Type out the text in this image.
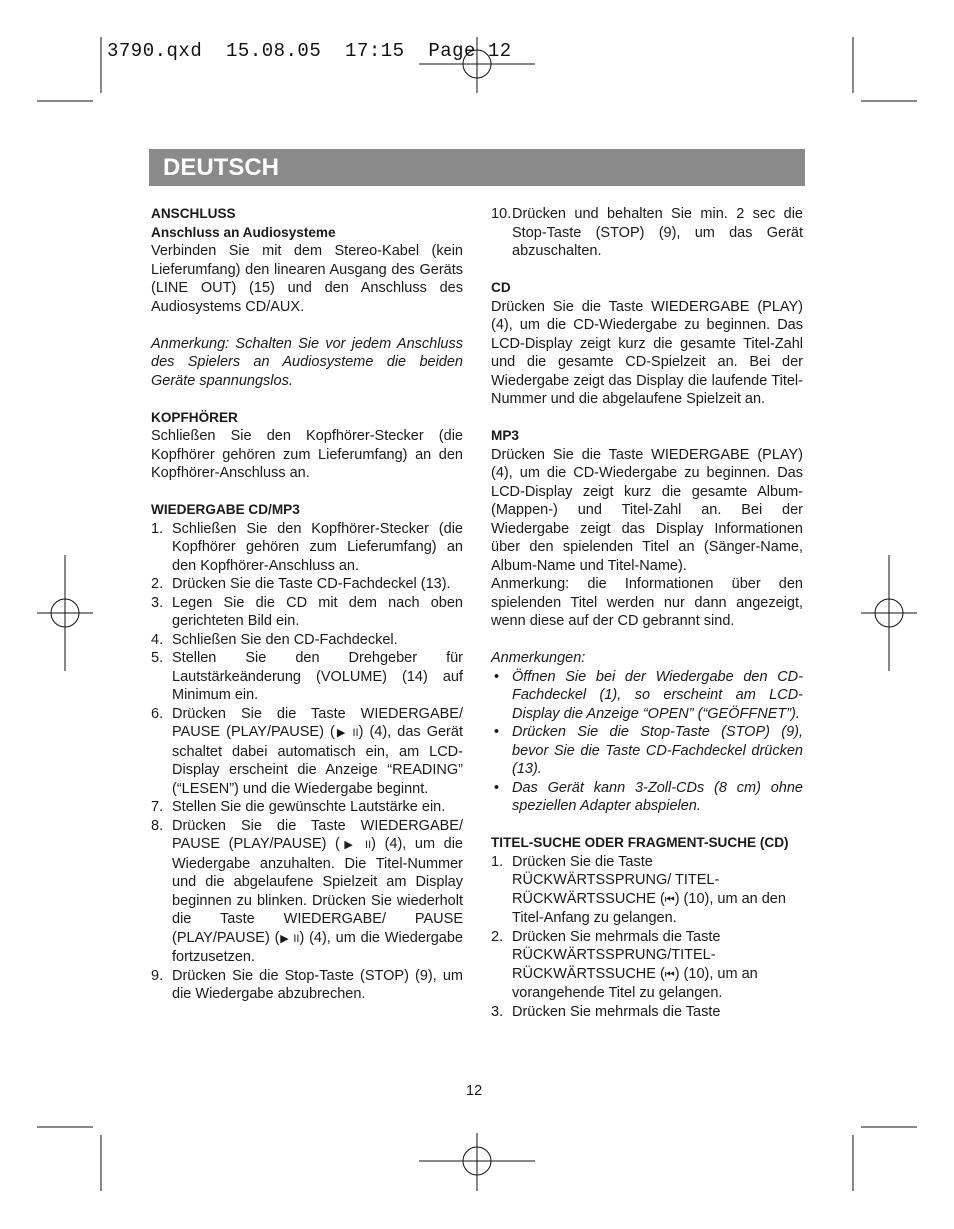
3790.qxd  15.08.05  17:15  Page 12
DEUTSCH
ANSCHLUSS
Anschluss an Audiosysteme
Verbinden Sie mit dem Stereo-Kabel (kein Lieferumfang) den linearen Ausgang des Geräts (LINE OUT) (15) und den Anschluss des Audiosystems CD/AUX.
Anmerkung: Schalten Sie vor jedem Anschluss des Spielers an Audiosysteme die beiden Geräte spannungslos.
KOPFHÖRER
Schließen Sie den Kopfhörer-Stecker (die Kopfhörer gehören zum Lieferumfang) an den Kopfhörer-Anschluss an.
WIEDERGABE CD/MP3
1. Schließen Sie den Kopfhörer-Stecker (die Kopfhörer gehören zum Lieferumfang) an den Kopfhörer-Anschluss an.
2. Drücken Sie die Taste CD-Fachdeckel (13).
3. Legen Sie die CD mit dem nach oben gerichteten Bild ein.
4. Schließen Sie den CD-Fachdeckel.
5. Stellen Sie den Drehgeber für Lautstärkeänderung (VOLUME) (14) auf Minimum ein.
6. Drücken Sie die Taste WIEDERGABE/ PAUSE (PLAY/PAUSE) (▶ II) (4), das Gerät schaltet dabei automatisch ein, am LCD-Display erscheint die Anzeige “READING” (“LESEN”) und die Wiedergabe beginnt.
7. Stellen Sie die gewünschte Lautstärke ein.
8. Drücken Sie die Taste WIEDERGABE/ PAUSE (PLAY/PAUSE) (▶ II) (4), um die Wiedergabe anzuhalten. Die Titel-Nummer und die abgelaufene Spielzeit am Display beginnen zu blinken. Drücken Sie wiederholt die Taste WIEDERGABE/ PAUSE (PLAY/PAUSE) (▶ II) (4), um die Wiedergabe fortzusetzen.
9. Drücken Sie die Stop-Taste (STOP) (9), um die Wiedergabe abzubrechen.
10. Drücken und behalten Sie min. 2 sec die Stop-Taste (STOP) (9), um das Gerät abzuschalten.
CD
Drücken Sie die Taste WIEDERGABE (PLAY) (4), um die CD-Wiedergabe zu beginnen. Das LCD-Display zeigt kurz die gesamte Titel-Zahl und die gesamte CD-Spielzeit an. Bei der Wiedergabe zeigt das Display die laufende Titel-Nummer und die abgelaufene Spielzeit an.
MP3
Drücken Sie die Taste WIEDERGABE (PLAY) (4), um die CD-Wiedergabe zu beginnen. Das LCD-Display zeigt kurz die gesamte Album- (Mappen-) und Titel-Zahl an. Bei der Wiedergabe zeigt das Display Informationen über den spielenden Titel an (Sänger-Name, Album-Name und Titel-Name).
Anmerkung: die Informationen über den spielenden Titel werden nur dann angezeigt, wenn diese auf der CD gebrannt sind.
Anmerkungen:
• Öffnen Sie bei der Wiedergabe den CD-Fachdeckel (1), so erscheint am LCD-Display die Anzeige “OPEN” (“GEÖFFNET”).
• Drücken Sie die Stop-Taste (STOP) (9), bevor Sie die Taste CD-Fachdeckel drücken (13).
• Das Gerät kann 3-Zoll-CDs (8 cm) ohne speziellen Adapter abspielen.
TITEL-SUCHE ODER FRAGMENT-SUCHE (CD)
1. Drücken Sie die Taste
RÜCKWÄRTSSPRUNG/ TITEL-
RÜCKWÄRTSSUCHE (⏮) (10), um an den Titel-Anfang zu gelangen.
2. Drücken Sie mehrmals die Taste
RÜCKWÄRTSSPRUNG/TITEL-
RÜCKWÄRTSSUCHE (⏮) (10), um an vorangehende Titel zu gelangen.
3. Drücken Sie mehrmals die Taste
12
